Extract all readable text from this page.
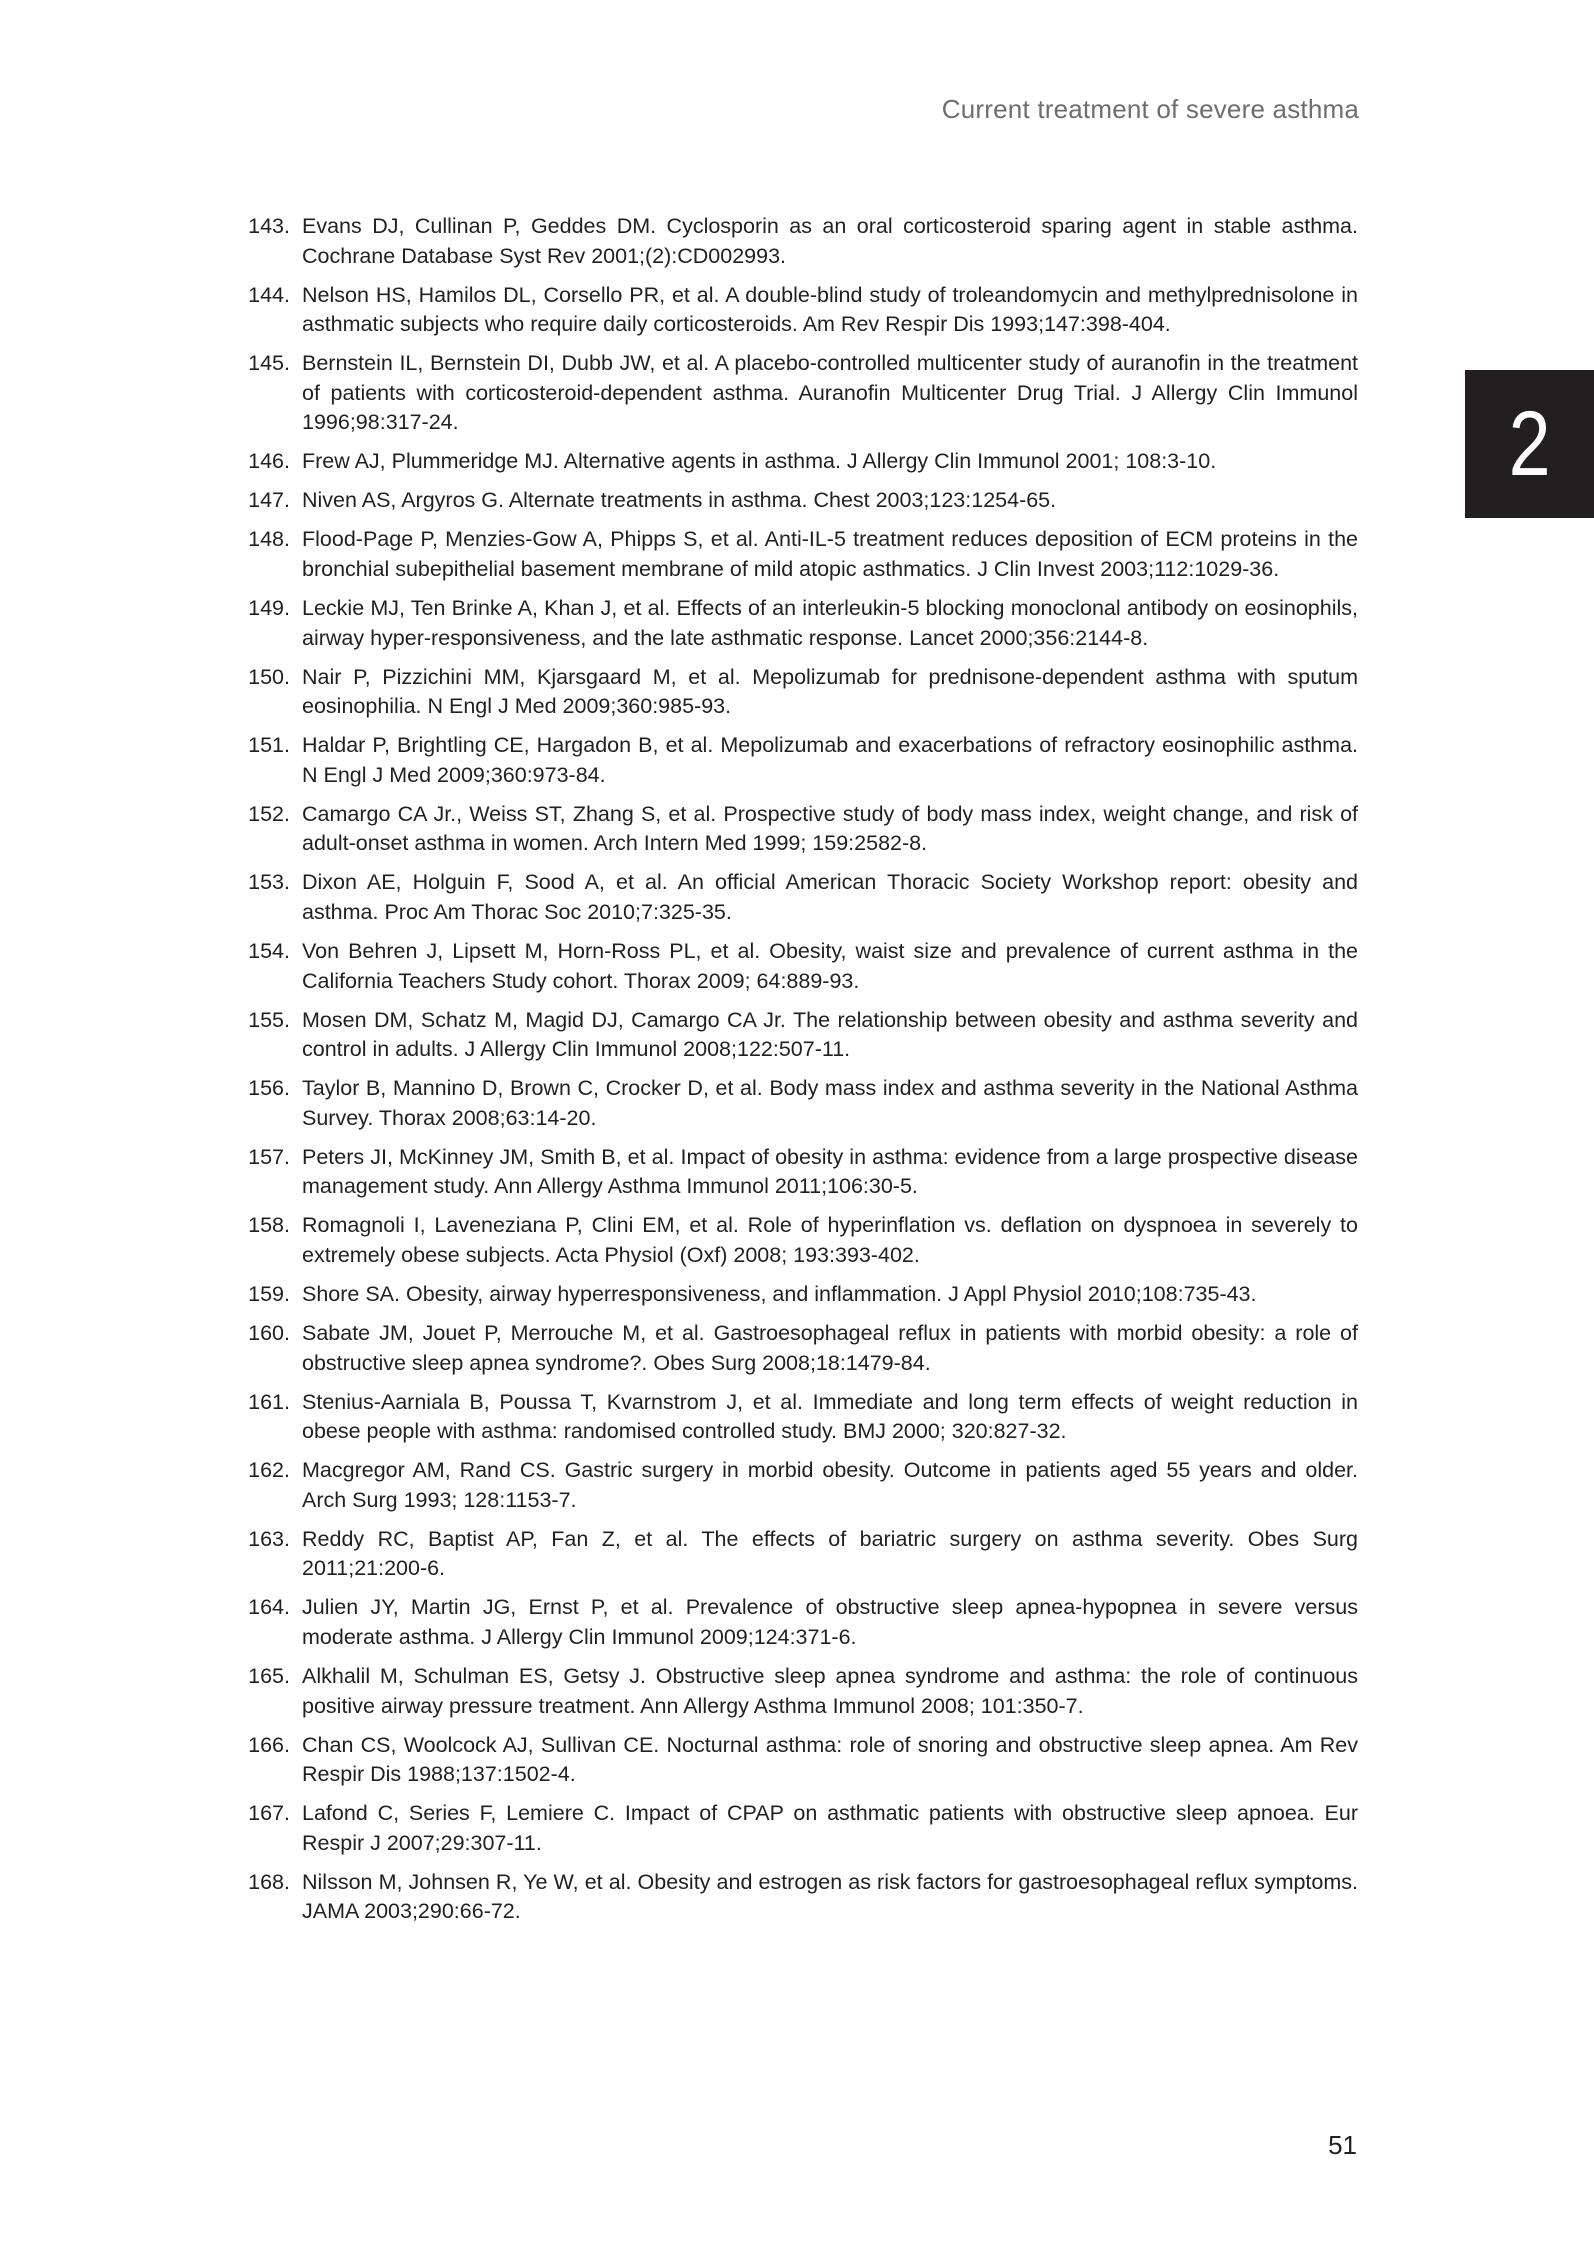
Current treatment of severe asthma
2
143. Evans DJ, Cullinan P, Geddes DM. Cyclosporin as an oral corticosteroid sparing agent in stable asthma. Cochrane Database Syst Rev 2001;(2):CD002993.
144. Nelson HS, Hamilos DL, Corsello PR, et al. A double-blind study of troleandomycin and methylprednisolone in asthmatic subjects who require daily corticosteroids. Am Rev Respir Dis 1993;147:398-404.
145. Bernstein IL, Bernstein DI, Dubb JW, et al. A placebo-controlled multicenter study of auranofin in the treatment of patients with corticosteroid-dependent asthma. Auranofin Multicenter Drug Trial. J Allergy Clin Immunol 1996;98:317-24.
146. Frew AJ, Plummeridge MJ. Alternative agents in asthma. J Allergy Clin Immunol 2001; 108:3-10.
147. Niven AS, Argyros G. Alternate treatments in asthma. Chest 2003;123:1254-65.
148. Flood-Page P, Menzies-Gow A, Phipps S, et al. Anti-IL-5 treatment reduces deposition of ECM proteins in the bronchial subepithelial basement membrane of mild atopic asthmatics. J Clin Invest 2003;112:1029-36.
149. Leckie MJ, Ten Brinke A, Khan J, et al. Effects of an interleukin-5 blocking monoclonal antibody on eosinophils, airway hyper-responsiveness, and the late asthmatic response. Lancet 2000;356:2144-8.
150. Nair P, Pizzichini MM, Kjarsgaard M, et al. Mepolizumab for prednisone-dependent asthma with sputum eosinophilia. N Engl J Med 2009;360:985-93.
151. Haldar P, Brightling CE, Hargadon B, et al. Mepolizumab and exacerbations of refractory eosinophilic asthma. N Engl J Med 2009;360:973-84.
152. Camargo CA Jr., Weiss ST, Zhang S, et al. Prospective study of body mass index, weight change, and risk of adult-onset asthma in women. Arch Intern Med 1999; 159:2582-8.
153. Dixon AE, Holguin F, Sood A, et al. An official American Thoracic Society Workshop report: obesity and asthma. Proc Am Thorac Soc 2010;7:325-35.
154. Von Behren J, Lipsett M, Horn-Ross PL, et al. Obesity, waist size and prevalence of current asthma in the California Teachers Study cohort. Thorax 2009; 64:889-93.
155. Mosen DM, Schatz M, Magid DJ, Camargo CA Jr. The relationship between obesity and asthma severity and control in adults. J Allergy Clin Immunol 2008;122:507-11.
156. Taylor B, Mannino D, Brown C, Crocker D, et al. Body mass index and asthma severity in the National Asthma Survey. Thorax 2008;63:14-20.
157. Peters JI, McKinney JM, Smith B, et al. Impact of obesity in asthma: evidence from a large prospective disease management study. Ann Allergy Asthma Immunol 2011;106:30-5.
158. Romagnoli I, Laveneziana P, Clini EM, et al. Role of hyperinflation vs. deflation on dyspnoea in severely to extremely obese subjects. Acta Physiol (Oxf) 2008; 193:393-402.
159. Shore SA. Obesity, airway hyperresponsiveness, and inflammation. J Appl Physiol 2010;108:735-43.
160. Sabate JM, Jouet P, Merrouche M, et al. Gastroesophageal reflux in patients with morbid obesity: a role of obstructive sleep apnea syndrome?. Obes Surg 2008;18:1479-84.
161. Stenius-Aarniala B, Poussa T, Kvarnstrom J, et al. Immediate and long term effects of weight reduction in obese people with asthma: randomised controlled study. BMJ 2000; 320:827-32.
162. Macgregor AM, Rand CS. Gastric surgery in morbid obesity. Outcome in patients aged 55 years and older. Arch Surg 1993; 128:1153-7.
163. Reddy RC, Baptist AP, Fan Z, et al. The effects of bariatric surgery on asthma severity. Obes Surg 2011;21:200-6.
164. Julien JY, Martin JG, Ernst P, et al. Prevalence of obstructive sleep apnea-hypopnea in severe versus moderate asthma. J Allergy Clin Immunol 2009;124:371-6.
165. Alkhalil M, Schulman ES, Getsy J. Obstructive sleep apnea syndrome and asthma: the role of continuous positive airway pressure treatment. Ann Allergy Asthma Immunol 2008; 101:350-7.
166. Chan CS, Woolcock AJ, Sullivan CE. Nocturnal asthma: role of snoring and obstructive sleep apnea. Am Rev Respir Dis 1988;137:1502-4.
167. Lafond C, Series F, Lemiere C. Impact of CPAP on asthmatic patients with obstructive sleep apnoea. Eur Respir J 2007;29:307-11.
168. Nilsson M, Johnsen R, Ye W, et al. Obesity and estrogen as risk factors for gastroesophageal reflux symptoms. JAMA 2003;290:66-72.
51
